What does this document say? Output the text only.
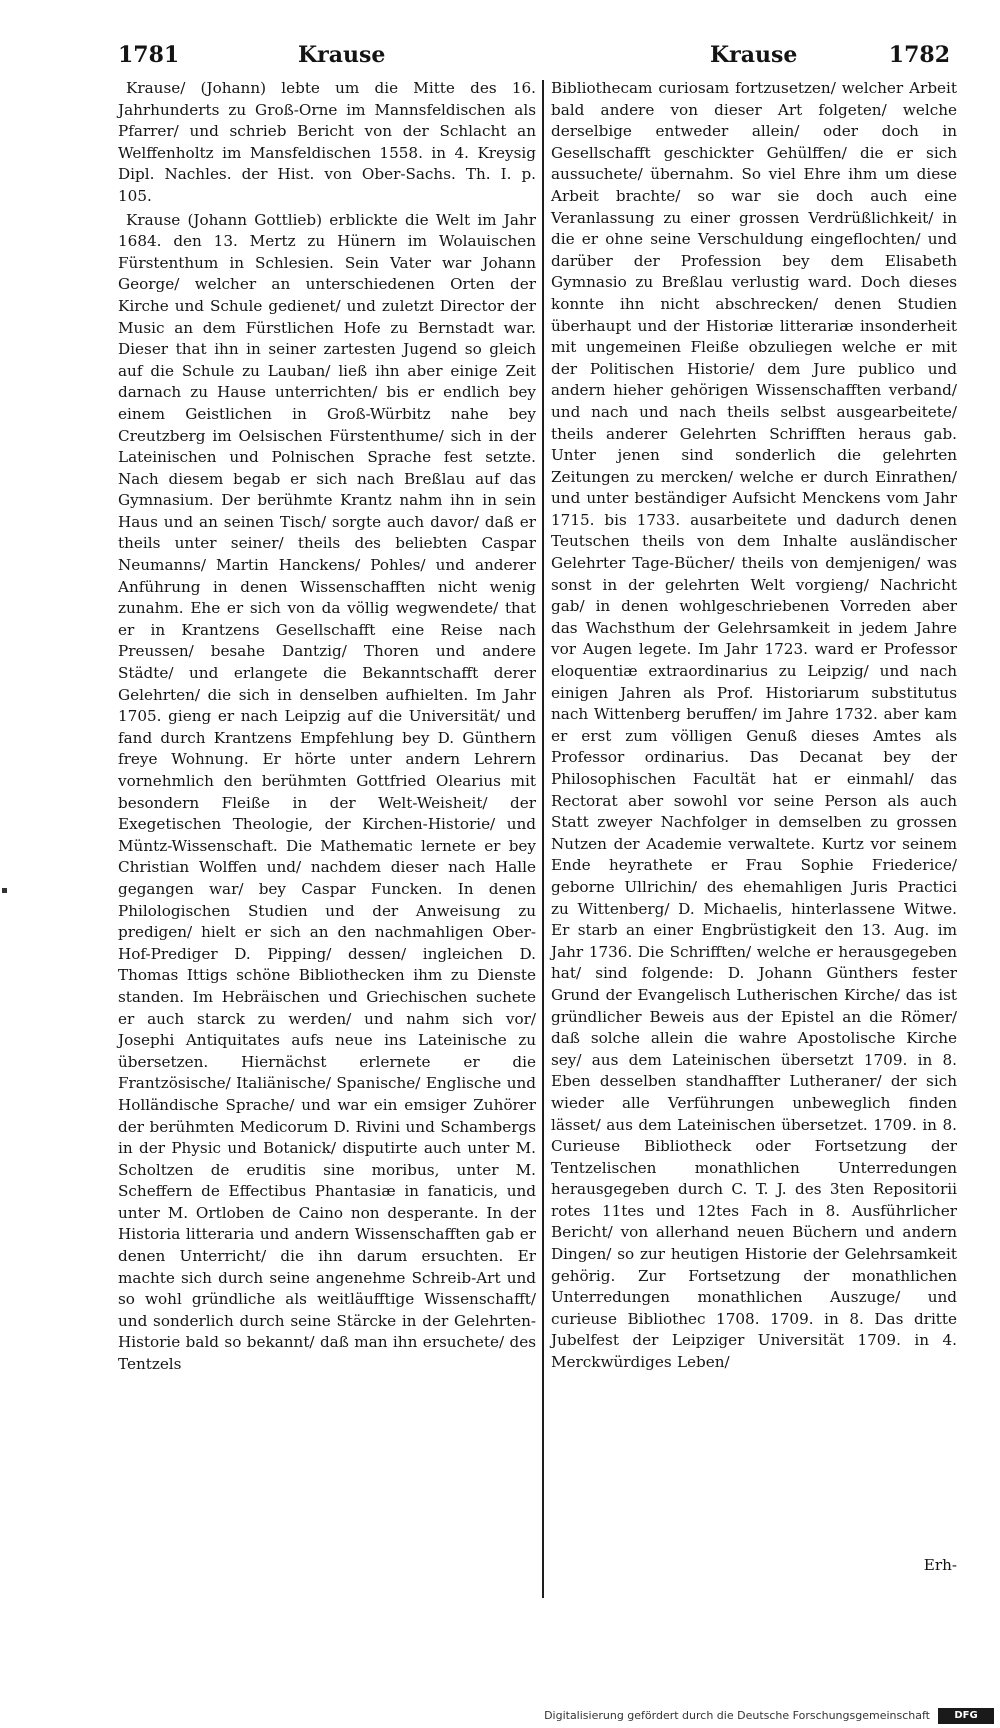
1781	Krause	Krause	1782

Krause/ (Johann) lebte um die Mitte des 16. Jahrhunderts zu Groß-Orne im Mannsfeldischen als Pfarrer/ und schrieb Bericht von der Schlacht an Welffenholtz im Mansfeldischen 1558. in 4. Kreysig Dipl. Nachles. der Hist. von Ober-Sachs. Th. I. p. 105.

Krause (Johann Gottlieb) erblickte die Welt im Jahr 1684. den 13. Mertz zu Hünern im Wolauischen Fürstenthum in Schlesien. Sein Vater war Johann George/ welcher an unterschiedenen Orten der Kirche und Schule gedienet/ und zuletzt Director der Music an dem Fürstlichen Hofe zu Bernstadt war. Dieser that ihn in seiner zartesten Jugend so gleich auf die Schule zu Lauban/ ließ ihn aber einige Zeit darnach zu Hause unterrichten/ bis er endlich bey einem Geistlichen in Groß-Würbitz nahe bey Creutzberg im Oelsischen Fürstenthume/ sich in der Lateinischen und Polnischen Sprache fest setzte. Nach diesem begab er sich nach Breßlau auf das Gymnasium. Der berühmte Krantz nahm ihn in sein Haus und an seinen Tisch/ sorgte auch davor/ daß er theils unter seiner/ theils des beliebten Caspar Neumanns/ Martin Hanckens/ Pohles/ und anderer Anführung in denen Wissenschafften nicht wenig zunahm. Ehe er sich von da völlig wegwendete/ that er in Krantzens Gesellschafft eine Reise nach Preussen/ besahe Dantzig/ Thoren und andere Städte/ und erlangete die Bekanntschafft derer Gelehrten/ die sich in denselben aufhielten. Im Jahr 1705. gieng er nach Leipzig auf die Universität/ und fand durch Krantzens Empfehlung bey D. Günthern freye Wohnung. Er hörte unter andern Lehrern vornehmlich den berühmten Gottfried Olearius mit besondern Fleiße in der Welt-Weisheit/ der Exegetischen Theologie, der Kirchen-Historie/ und Müntz-Wissenschaft. Die Mathematic lernete er bey Christian Wolffen und/ nachdem dieser nach Halle gegangen war/ bey Caspar Funcken. In denen Philologischen Studien und der Anweisung zu predigen/ hielt er sich an den nachmahligen Ober-Hof-Prediger D. Pipping/ dessen/ ingleichen D. Thomas Ittigs schöne Bibliothecken ihm zu Dienste standen. Im Hebräischen und Griechischen suchete er auch starck zu werden/ und nahm sich vor/ Josephi Antiquitates aufs neue ins Lateinische zu übersetzen. Hiernächst erlernete er die Frantzösische/ Italiänische/ Spanische/ Englische und Holländische Sprache/ und war ein emsiger Zuhörer der berühmten Medicorum D. Rivini und Schambergs in der Physic und Botanick/ disputirte auch unter M. Scholtzen de eruditis sine moribus, unter M. Scheffern de Effectibus Phantasiæ in fanaticis, und unter M. Ortloben de Caino non desperante. In der Historia litteraria und andern Wissenschafften gab er denen Unterricht/ die ihn darum ersuchten. Er machte sich durch seine angenehme Schreib-Art und so wohl gründliche als weitläufftige Wissenschafft/ und sonderlich durch seine Stärcke in der Gelehrten-Historie bald so bekannt/ daß man ihn ersuchete/ des Tentzels

Bibliothecam curiosam fortzusetzen/ welcher Arbeit bald andere von dieser Art folgeten/ welche derselbige entweder allein/ oder doch in Gesellschafft geschickter Gehülffen/ die er sich aussuchete/ übernahm. So viel Ehre ihm um diese Arbeit brachte/ so war sie doch auch eine Veranlassung zu einer grossen Verdrüßlichkeit/ in die er ohne seine Verschuldung eingeflochten/ und darüber der Profession bey dem Elisabeth Gymnasio zu Breßlau verlustig ward. Doch dieses konnte ihn nicht abschrecken/ denen Studien überhaupt und der Historiæ litterariæ insonderheit mit ungemeinen Fleiße obzuliegen welche er mit der Politischen Historie/ dem Jure publico und andern hieher gehörigen Wissenschafften verband/ und nach und nach theils selbst ausgearbeitete/ theils anderer Gelehrten Schrifften heraus gab. Unter jenen sind sonderlich die gelehrten Zeitungen zu mercken/ welche er durch Einrathen/ und unter beständiger Aufsicht Menckens vom Jahr 1715. bis 1733. ausarbeitete und dadurch denen Teutschen theils von dem Inhalte ausländischer Gelehrter Tage-Bücher/ theils von demjenigen/ was sonst in der gelehrten Welt vorgieng/ Nachricht gab/ in denen wohlgeschriebenen Vorreden aber das Wachsthum der Gelehrsamkeit in jedem Jahre vor Augen legete. Im Jahr 1723. ward er Professor eloquentiæ extraordinarius zu Leipzig/ und nach einigen Jahren als Prof. Historiarum substitutus nach Wittenberg beruffen/ im Jahre 1732. aber kam er erst zum völligen Genuß dieses Amtes als Professor ordinarius. Das Decanat bey der Philosophischen Facultät hat er einmahl/ das Rectorat aber sowohl vor seine Person als auch Statt zweyer Nachfolger in demselben zu grossen Nutzen der Academie verwaltete. Kurtz vor seinem Ende heyrathete er Frau Sophie Friederice/ geborne Ullrichin/ des ehemahligen Juris Practici zu Wittenberg/ D. Michaelis, hinterlassene Witwe. Er starb an einer Engbrüstigkeit den 13. Aug. im Jahr 1736. Die Schrifften/ welche er herausgegeben hat/ sind folgende: D. Johann Günthers fester Grund der Evangelisch Lutherischen Kirche/ das ist gründlicher Beweis aus der Epistel an die Römer/ daß solche allein die wahre Apostolische Kirche sey/ aus dem Lateinischen übersetzt 1709. in 8. Eben desselben standhaffter Lutheraner/ der sich wieder alle Verführungen unbeweglich finden lässet/ aus dem Lateinischen übersetzet. 1709. in 8. Curieuse Bibliotheck oder Fortsetzung der Tentzelischen monathlichen Unterredungen herausgegeben durch C. T. J. des 3ten Repositorii rotes 11tes und 12tes Fach in 8. Ausführlicher Bericht/ von allerhand neuen Büchern und andern Dingen/ so zur heutigen Historie der Gelehrsamkeit gehörig. Zur Fortsetzung der monathlichen Unterredungen monathlichen Auszuge/ und curieuse Bibliothec 1708. 1709. in 8. Das dritte Jubelfest der Leipziger Universität 1709. in 4. Merckwürdiges Leben/

Erh-
Digitalisierung gefördert durch die Deutsche Forschungsgemeinschaft	DFG
